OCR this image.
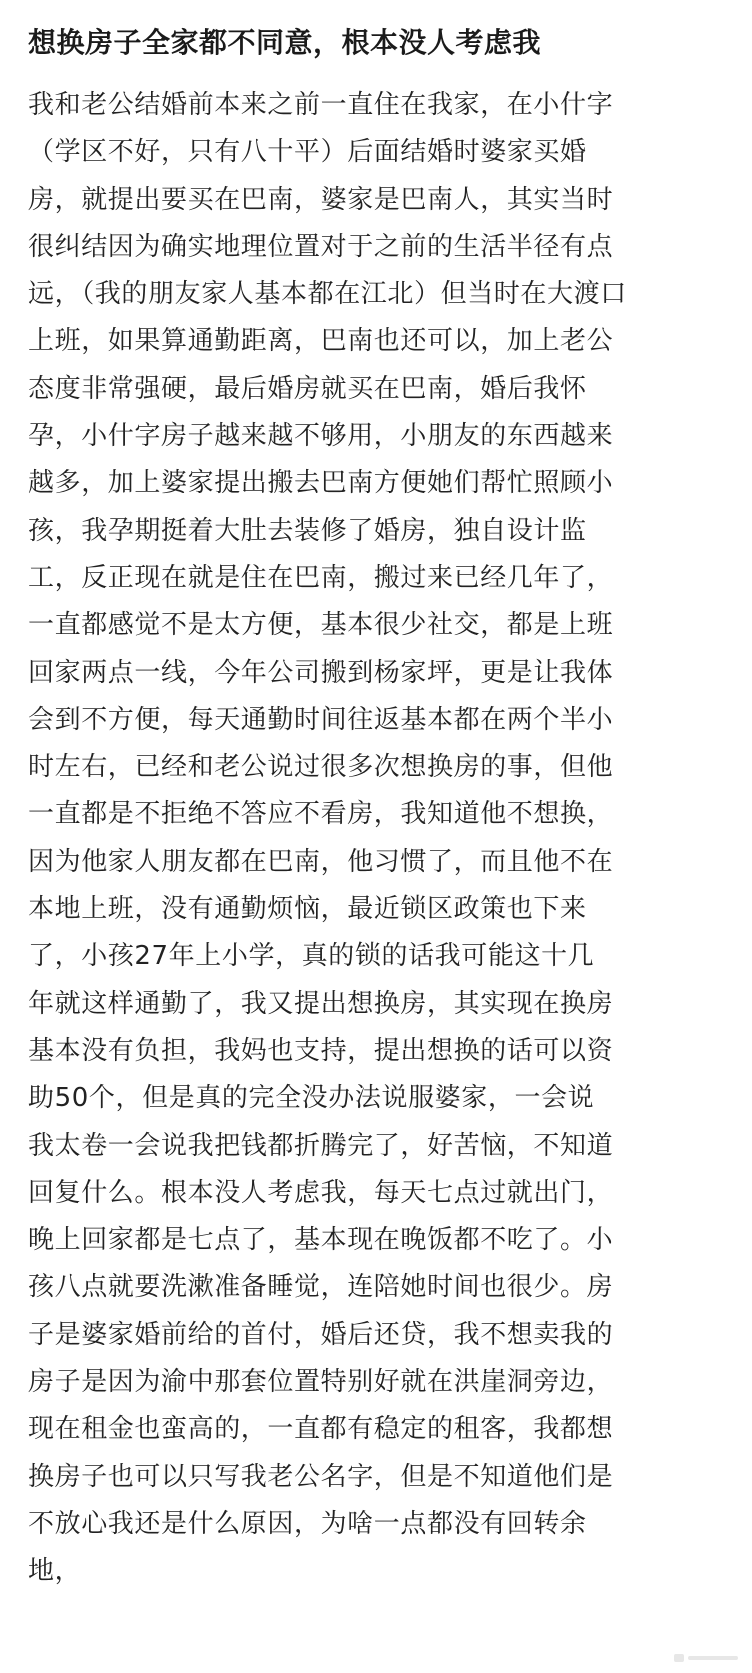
想换房子全家都不同意，根本没人考虑我
我和老公结婚前本来之前一直住在我家，在小什字
（学区不好，只有八十平）后面结婚时婆家买婚
房，就提出要买在巴南，婆家是巴南人，其实当时
很纠结因为确实地理位置对于之前的生活半径有点
远，（我的朋友家人基本都在江北）但当时在大渡口
上班，如果算通勤距离，巴南也还可以，加上老公
态度非常强硬，最后婚房就买在巴南，婚后我怀
孕，小什字房子越来越不够用，小朋友的东西越来
越多，加上婆家提出搬去巴南方便她们帮忙照顾小
孩，我孕期挺着大肚去装修了婚房，独自设计监
工，反正现在就是住在巴南，搬过来已经几年了，
一直都感觉不是太方便，基本很少社交，都是上班
回家两点一线，今年公司搬到杨家坪，更是让我体
会到不方便，每天通勤时间往返基本都在两个半小
时左右，已经和老公说过很多次想换房的事，但他
一直都是不拒绝不答应不看房，我知道他不想换，
因为他家人朋友都在巴南，他习惯了，而且他不在
本地上班，没有通勤烦恼，最近锁区政策也下来
了，小孩27年上小学，真的锁的话我可能这十几
年就这样通勤了，我又提出想换房，其实现在换房
基本没有负担，我妈也支持，提出想换的话可以资
助50个，但是真的完全没办法说服婆家，一会说
我太卷一会说我把钱都折腾完了，好苦恼，不知道
回复什么。根本没人考虑我，每天七点过就出门，
晚上回家都是七点了，基本现在晚饭都不吃了。小
孩八点就要洗漱准备睡觉，连陪她时间也很少。房
子是婆家婚前给的首付，婚后还贷，我不想卖我的
房子是因为渝中那套位置特别好就在洪崖洞旁边，
现在租金也蛮高的，一直都有稳定的租客，我都想
换房子也可以只写我老公名字，但是不知道他们是
不放心我还是什么原因，为啥一点都没有回转余
地，
